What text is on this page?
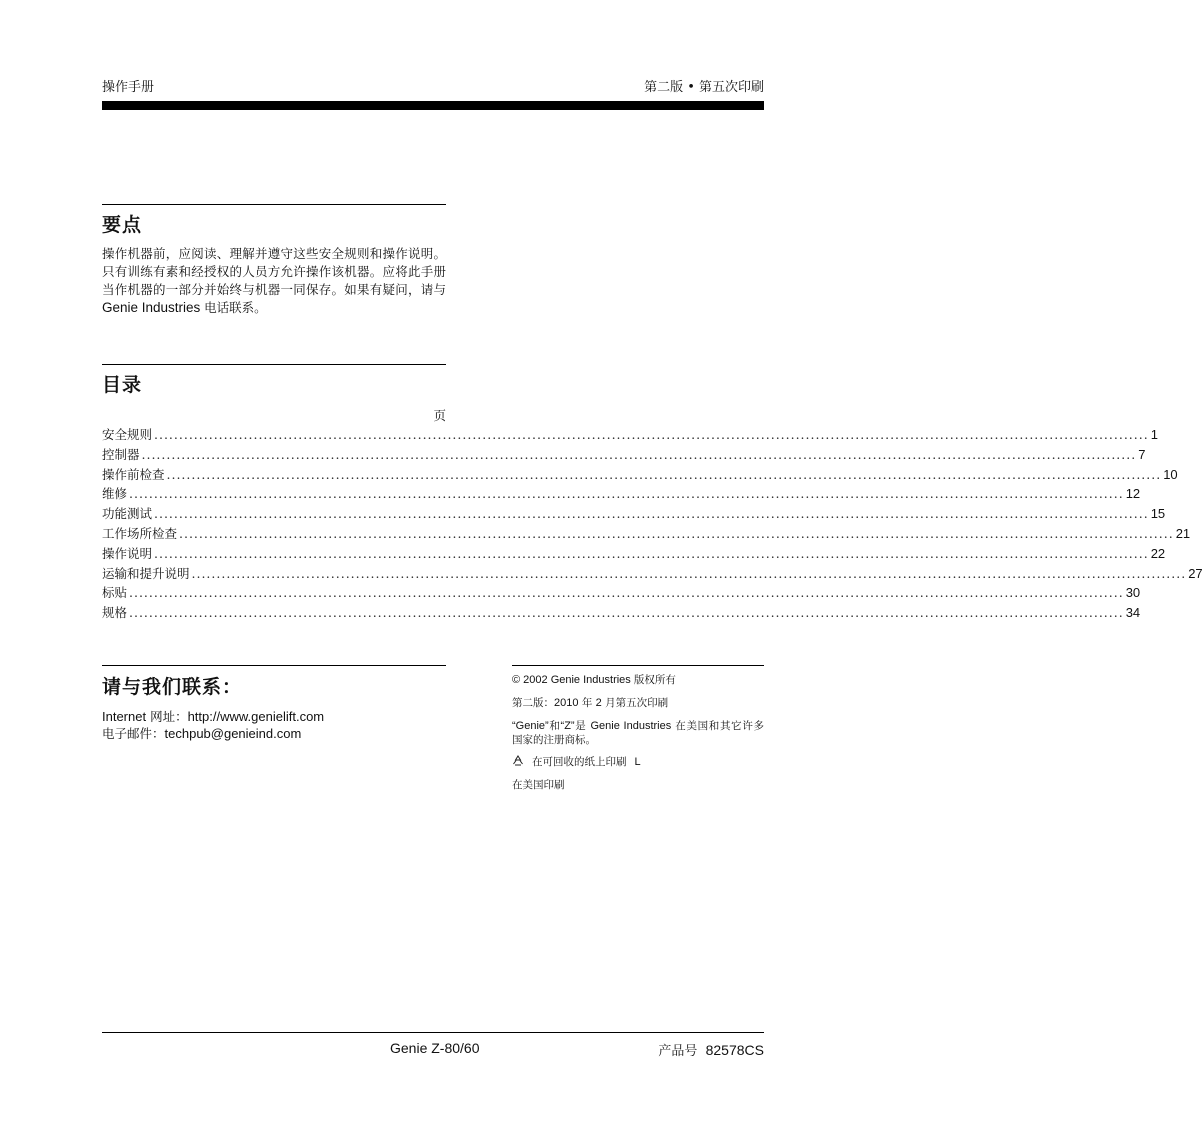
操作手册	第二版 • 第五次印刷
要点
操作机器前，应阅读、理解并遵守这些安全规则和操作说明。只有训练有素和经授权的人员方允许操作该机器。应将此手册当作机器的一部分并始终与机器一同保存。如果有疑问，请与 Genie Industries 电话联系。
目录
页
安全规则 ........................................................................................................................................................................................................ 1
控制器 ........................................................................................................................................................................................................ 7
操作前检查 ........................................................................................................................................................................................................ 10
维修 ........................................................................................................................................................................................................ 12
功能测试 ........................................................................................................................................................................................................ 15
工作场所检查 ........................................................................................................................................................................................................ 21
操作说明 ........................................................................................................................................................................................................ 22
运输和提升说明 ........................................................................................................................................................................................................ 27
标贴 ........................................................................................................................................................................................................ 30
规格 ........................................................................................................................................................................................................ 34
请与我们联系：
Internet 网址：http://www.genielift.com
电子邮件：techpub@genieind.com
© 2002 Genie Industries 版权所有
第二版：2010 年 2 月第五次印刷
“Genie”和“Z”是 Genie Industries 在美国和其它许多国家的注册商标。
在可回收的纸上印刷 L
在美国印刷
Genie Z-80/60	产品号 82578CS
